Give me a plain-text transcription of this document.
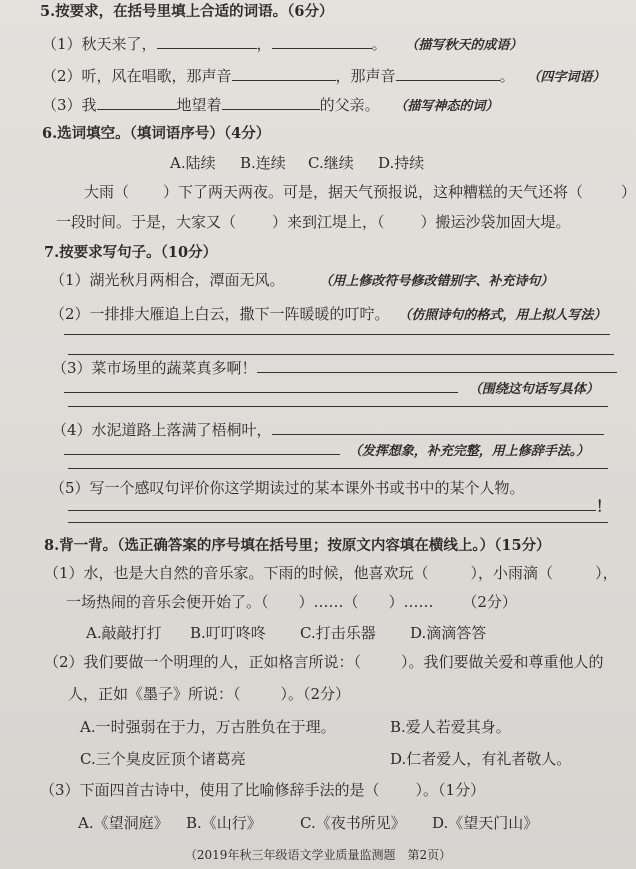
5.按要求，在括号里填上合适的词语。（6分）
（1）秋天来了，	，	。 （描写秋天的成语）
（2）听，风在唱歌，那声音	，那声音	。 （四字词语）
（3）我	地望着	的父亲。 （描写神态的词）
6.选词填空。（填词语序号）（4分）
A.陆续 B.连续 C.继续 D.持续
大雨（ ）下了两天两夜。可是，据天气预报说，这种糟糕的天气还将（	）
一段时间。于是，大家又（ ）来到江堤上，（ ）搬运沙袋加固大堤。
7.按要求写句子。（10分）
（1）湖光秋月两相合，潭面无风。	（用上修改符号修改错别字、补充诗句）
（2）一排排大雁追上白云，撒下一阵暖暖的叮咛。 （仿照诗句的格式，用上拟人写法）
（3）菜市场里的蔬菜真多啊！
（围绕这句话写具体）
（4）水泥道路上落满了梧桐叶，
（发挥想象，补充完整，用上修辞手法。）
（5）写一个感叹句评价你这学期读过的某本课外书或书中的某个人物。
！
8.背一背。（选正确答案的序号填在括号里；按原文内容填在横线上。）（15分）
（1）水，也是大自然的音乐家。下雨的时候，他喜欢玩（	），小雨滴（	），
一场热闹的音乐会便开始了。（ ）……（ ）…… （2分）
A.敲敲打打 B.叮叮咚咚 C.打击乐器 D.滴滴答答
（2）我们要做一个明理的人，正如格言所说：（	）。我们要做关爱和尊重他人的
人，正如《墨子》所说：（	）。（2分）
A.一时强弱在于力，万古胜负在于理。	B.爱人若爱其身。
C.三个臭皮匠顶个诸葛亮	D.仁者爱人，有礼者敬人。
（3）下面四首古诗中，使用了比喻修辞手法的是（ ）。（1分）
A.《望洞庭》 B.《山行》	C.《夜书所见》 D.《望天门山》
（2019年秋三年级语文学业质量监测题　第2页）
